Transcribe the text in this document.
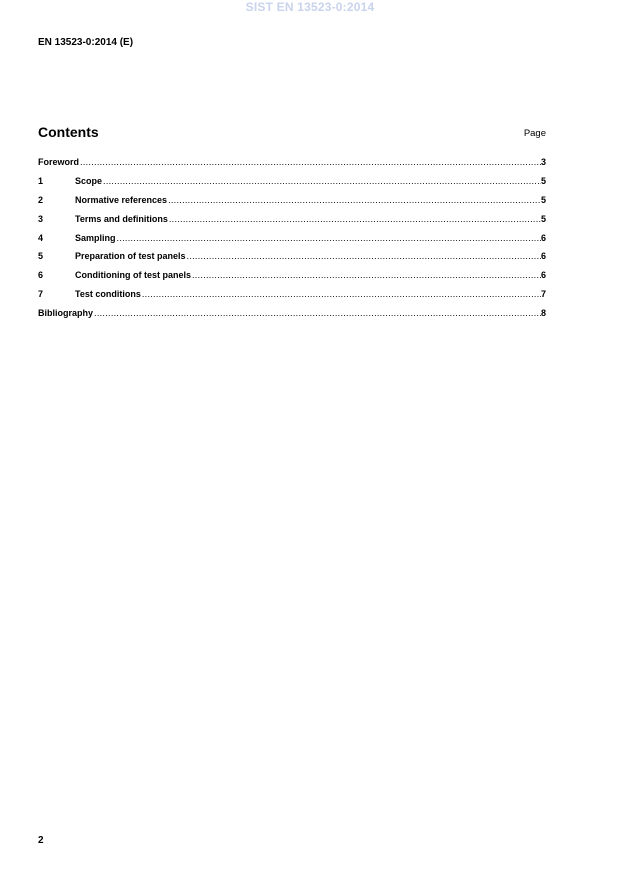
SIST EN 13523-0:2014
EN 13523-0:2014 (E)
Contents	Page
Foreword .....	3
1	Scope .....	5
2	Normative references .....	5
3	Terms and definitions .....	5
4	Sampling .....	6
5	Preparation of test panels .....	6
6	Conditioning of test panels .....	6
7	Test conditions .....	7
Bibliography .....	8
2
